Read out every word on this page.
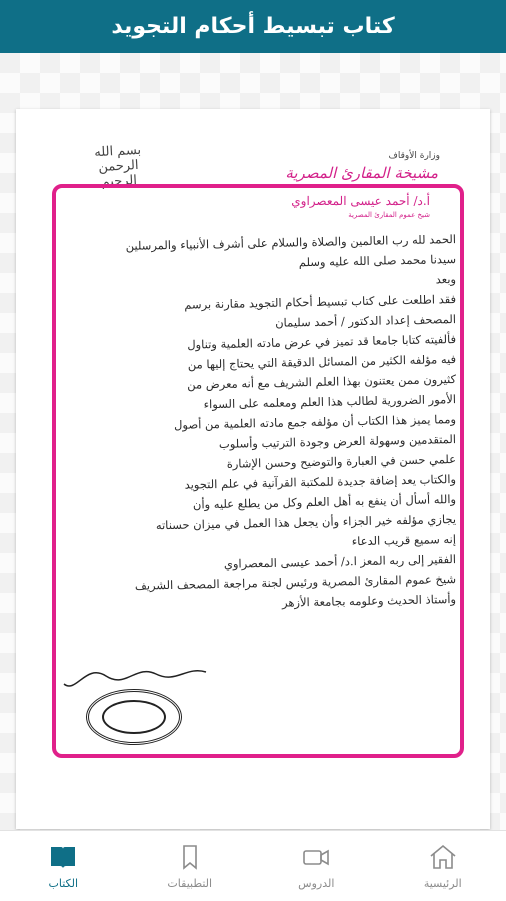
كتاب تبسيط أحكام التجويد
بسم الله الرحمن الرحيم
وزارة الأوقاف
مشيخة المقارئ المصرية
أ.د/ أحمد عيسى المعصراوي
شيخ عموم المقارئ المصرية
الحمد لله رب العالمين والصلاة والسلام على أشرف الأنبياء والمرسلين
سيدنا محمد صلى الله عليه وسلم
وبعد
فقد اطلعت على كتاب تبسيط أحكام التجويد مقارنة برسم
المصحف إعداد الدكتور / أحمد سليمان
فألفيته كتابا جامعا قد تميز في عرض مادته العلمية وتناول
فيه مؤلفه الكثير من المسائل الدقيقة التي يحتاج إليها من
كثيرون ممن يعتنون بهذا العلم الشريف مع أنه معرض من
الأمور الضرورية لطالب هذا العلم ومعلمه على السواء
ومما يميز هذا الكتاب أن مؤلفه جمع مادته العلمية من أصول
المتقدمين وسهولة العرض وجودة الترتيب وأسلوب
علمي حسن في العبارة والتوضيح وحسن الإشارة
والكتاب يعد إضافة جديدة للمكتبة القرآنية في علم التجويد
والله أسأل أن ينفع به أهل العلم وكل من يطلع عليه وأن
يجازي مؤلفه خير الجزاء وأن يجعل هذا العمل في ميزان حسناته
إنه سميع قريب الدعاء
الفقير إلى ربه المعز ا.د/ أحمد عيسى المعصراوي
شيخ عموم المقارئ المصرية ورئيس لجنة مراجعة المصحف الشريف
وأستاذ الحديث وعلومه بجامعة الأزهر
الكتاب	التطبيقات	الدروس	الرئيسية
